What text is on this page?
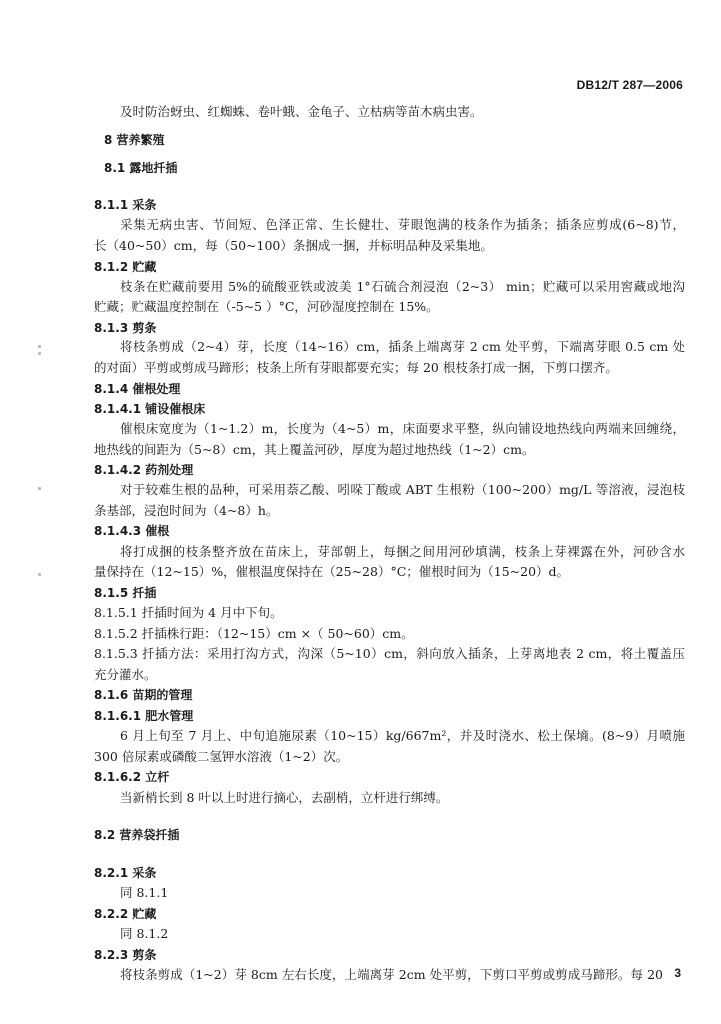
DB12/T 287—2006
及时防治蚜虫、红蜘蛛、卷叶蛾、金龟子、立枯病等苗木病虫害。
8 营养繁殖
8.1 露地扦插
8.1.1 采条
采集无病虫害、节间短、色泽正常、生长健壮、芽眼饱满的枝条作为插条；插条应剪成(6~8)节，
长（40~50）cm，每（50~100）条捆成一捆，并标明品种及采集地。
8.1.2 贮藏
枝条在贮藏前要用 5%的硫酸亚铁或波美 1°石硫合剂浸泡（2~3） min；贮藏可以采用窖藏或地沟
贮藏；贮藏温度控制在（-5~5 ）°C，河砂湿度控制在 15%。
8.1.3 剪条
将枝条剪成（2~4）芽，长度（14~16）cm，插条上端离芽 2 cm 处平剪，下端离芽眼 0.5 cm 处
的对面）平剪或剪成马蹄形；枝条上所有芽眼都要充实；每 20 根枝条打成一捆，下剪口摆齐。
8.1.4 催根处理
8.1.4.1 铺设催根床
催根床宽度为（1~1.2）m，长度为（4~5）m，床面要求平整，纵向铺设地热线向两端来回缠绕，
地热线的间距为（5~8）cm，其上覆盖河砂，厚度为超过地热线（1~2）cm。
8.1.4.2 药剂处理
对于较难生根的品种，可采用萘乙酸、吲哚丁酸或 ABT 生根粉（100~200）mg/L 等溶液，浸泡枝
条基部，浸泡时间为（4~8）h。
8.1.4.3 催根
将打成捆的枝条整齐放在苗床上，芽部朝上，每捆之间用河砂填满，枝条上芽裸露在外，河砂含水
量保持在（12~15）%，催根温度保持在（25~28）°C；催根时间为（15~20）d。
8.1.5 扦插
8.1.5.1 扦插时间为 4 月中下旬。
8.1.5.2 扦插株行距：（12~15）cm ×（ 50~60）cm。
8.1.5.3 扦插方法：采用打沟方式，沟深（5~10）cm，斜向放入插条，上芽离地表 2 cm，将土覆盖压
充分灌水。
8.1.6 苗期的管理
8.1.6.1 肥水管理
6 月上旬至 7 月上、中旬追施尿素（10~15）kg/667m²，并及时浇水、松土保墒。(8~9）月喷施
300 倍尿素或磷酸二氢钾水溶液（1~2）次。
8.1.6.2 立杆
当新梢长到 8 叶以上时进行摘心，去副梢，立杆进行绑缚。
8.2 营养袋扦插
8.2.1 采条
同 8.1.1
8.2.2 贮藏
同 8.1.2
8.2.3 剪条
将枝条剪成（1~2）芽 8cm 左右长度，上端离芽 2cm 处平剪，下剪口平剪或剪成马蹄形。每 20 3
